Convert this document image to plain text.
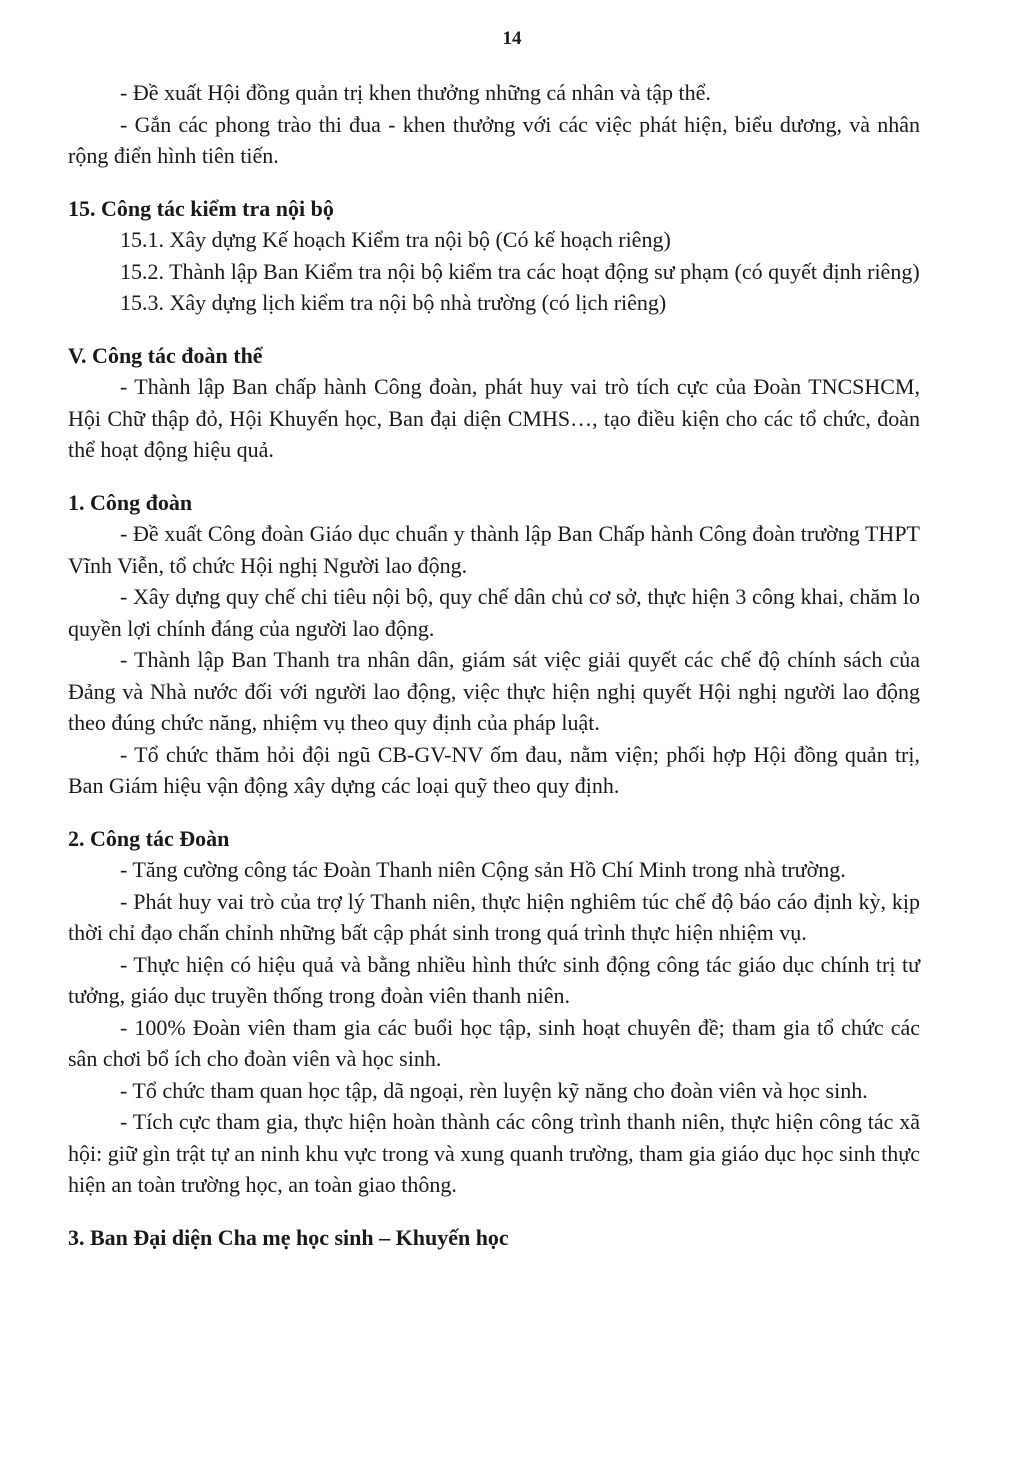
14

- Đề xuất Hội đồng quản trị khen thưởng những cá nhân và tập thể.

- Gắn các phong trào thi đua - khen thưởng với các việc phát hiện, biểu dương, và nhân rộng điển hình tiên tiến.

15. Công tác kiểm tra nội bộ

15.1. Xây dựng Kế hoạch Kiểm tra nội bộ (Có kế hoạch riêng)

15.2. Thành lập Ban Kiểm tra nội bộ kiểm tra các hoạt động sư phạm (có quyết định riêng)

15.3. Xây dựng lịch kiểm tra nội bộ nhà trường (có lịch riêng)

V. Công tác đoàn thể

- Thành lập Ban chấp hành Công đoàn, phát huy vai trò tích cực của Đoàn TNCSHCM, Hội Chữ thập đỏ, Hội Khuyến học, Ban đại diện CMHS…, tạo điều kiện cho các tổ chức, đoàn thể hoạt động hiệu quả.

1. Công đoàn

- Đề xuất Công đoàn Giáo dục chuẩn y thành lập Ban Chấp hành Công đoàn trường THPT Vĩnh Viễn, tổ chức Hội nghị Người lao động.

- Xây dựng quy chế chi tiêu nội bộ, quy chế dân chủ cơ sở, thực hiện 3 công khai, chăm lo quyền lợi chính đáng của người lao động.

- Thành lập Ban Thanh tra nhân dân, giám sát việc giải quyết các chế độ chính sách của Đảng và Nhà nước đối với người lao động, việc thực hiện nghị quyết Hội nghị người lao động theo đúng chức năng, nhiệm vụ theo quy định của pháp luật.

- Tổ chức thăm hỏi đội ngũ CB-GV-NV ốm đau, nằm viện; phối hợp Hội đồng quản trị, Ban Giám hiệu vận động xây dựng các loại quỹ theo quy định.

2. Công tác Đoàn

- Tăng cường công tác Đoàn Thanh niên Cộng sản Hồ Chí Minh trong nhà trường.

- Phát huy vai trò của trợ lý Thanh niên, thực hiện nghiêm túc chế độ báo cáo định kỳ, kịp thời chỉ đạo chấn chỉnh những bất cập phát sinh trong quá trình thực hiện nhiệm vụ.

- Thực hiện có hiệu quả và bằng nhiều hình thức sinh động công tác giáo dục chính trị tư tưởng, giáo dục truyền thống trong đoàn viên thanh niên.

- 100% Đoàn viên tham gia các buổi học tập, sinh hoạt chuyên đề; tham gia tổ chức các sân chơi bổ ích cho đoàn viên và học sinh.

- Tổ chức tham quan học tập, dã ngoại, rèn luyện kỹ năng cho đoàn viên và học sinh.

- Tích cực tham gia, thực hiện hoàn thành các công trình thanh niên, thực hiện công tác xã hội: giữ gìn trật tự an ninh khu vực trong và xung quanh trường, tham gia giáo dục học sinh thực hiện an toàn trường học, an toàn giao thông.

3. Ban Đại diện Cha mẹ học sinh – Khuyến học
